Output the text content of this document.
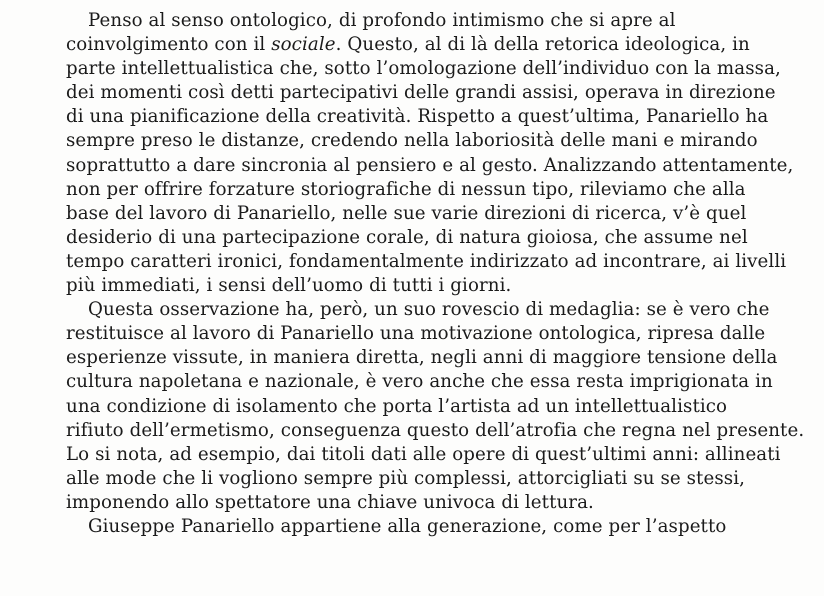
Penso al senso ontologico, di profondo intimismo che si apre al
coinvolgimento con il sociale. Questo, al di là della retorica ideologica, in
parte intellettualistica che, sotto l’omologazione dell’individuo con la massa,
dei momenti così detti partecipativi delle grandi assisi, operava in direzione
di una pianificazione della creatività. Rispetto a quest’ultima, Panariello ha
sempre preso le distanze, credendo nella laboriosità delle mani e mirando
soprattutto a dare sincronia al pensiero e al gesto. Analizzando attentamente,
non per offrire forzature storiografiche di nessun tipo, rileviamo che alla
base del lavoro di Panariello, nelle sue varie direzioni di ricerca, v’è quel
desiderio di una partecipazione corale, di natura gioiosa, che assume nel
tempo caratteri ironici, fondamentalmente indirizzato ad incontrare, ai livelli
più immediati, i sensi dell’uomo di tutti i giorni.
Questa osservazione ha, però, un suo rovescio di medaglia: se è vero che
restituisce al lavoro di Panariello una motivazione ontologica, ripresa dalle
esperienze vissute, in maniera diretta, negli anni di maggiore tensione della
cultura napoletana e nazionale, è vero anche che essa resta imprigionata in
una condizione di isolamento che porta l’artista ad un intellettualistico
rifiuto dell’ermetismo, conseguenza questo dell’atrofia che regna nel presente.
Lo si nota, ad esempio, dai titoli dati alle opere di quest’ultimi anni: allineati
alle mode che li vogliono sempre più complessi, attorcigliati su se stessi,
imponendo allo spettatore una chiave univoca di lettura.
Giuseppe Panariello appartiene alla generazione, come per l’aspetto
